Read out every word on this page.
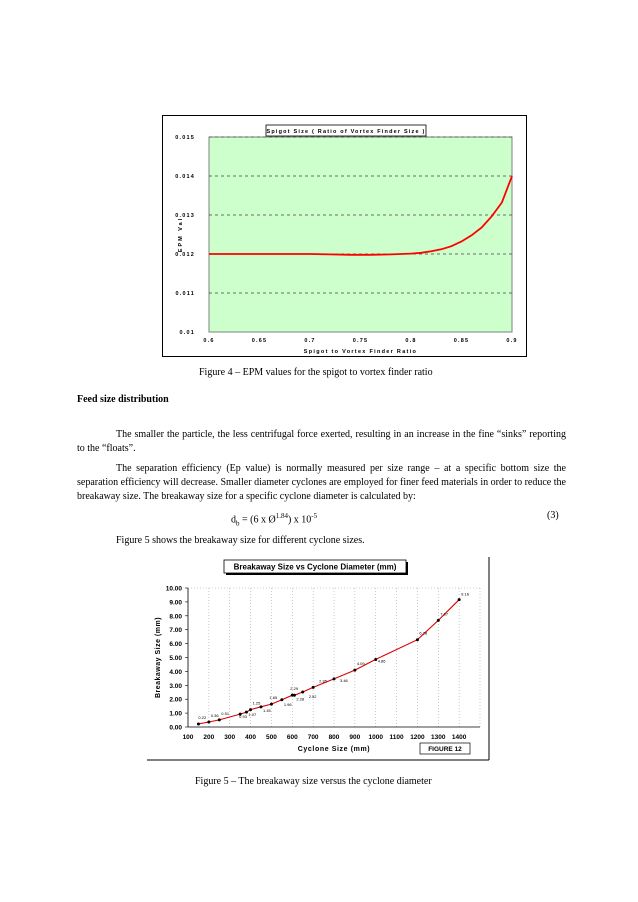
0.01
0.011
0.012
0.013
0.014
0.015
0.6	0.65	0.7	0.75	0.8	0.85	0.9
Spigot to Vortex Finder Ratio
EPM Val
Spigot Size ( Ratio of Vortex Finder Size )
Figure 4 – EPM values for the spigot to vortex finder ratio
Feed size distribution
The smaller the particle, the less centrifugal force exerted, resulting in an increase in the fine “sinks” reporting to the “floats”.
The separation efficiency (Ep value) is normally measured per size range – at a specific bottom size the separation efficiency will decrease. Smaller diameter cyclones are employed for finer feed materials in order to reduce the breakaway size. The breakaway size for a specific cyclone diameter is calculated by:
$d_b = (6$ x $Ø^{1.84}$) x $10^{-5}$	(3)
Figure 5 shows the breakaway size for different cyclone sizes.
0.00
1.00
2.00
3.00
4.00
5.00
6.00
7.00
8.00
9.00
10.00
100 200 300 400 500 600 700 800 900 1000 1100 1200 1300 1400
Cyclone Size (mm)
Breakaway Size (mm)
Breakaway Size vs Cyclone Diameter (mm)
FIGURE 12
0.22 0.36 0.51
0.93 1.07
1.25
1.45
1.65
1.96
2.29
2.28 2.52
2.85	3.46
4.09
4.86
6.28
7.67
9.16
Figure 5 – The breakaway size versus the cyclone diameter
